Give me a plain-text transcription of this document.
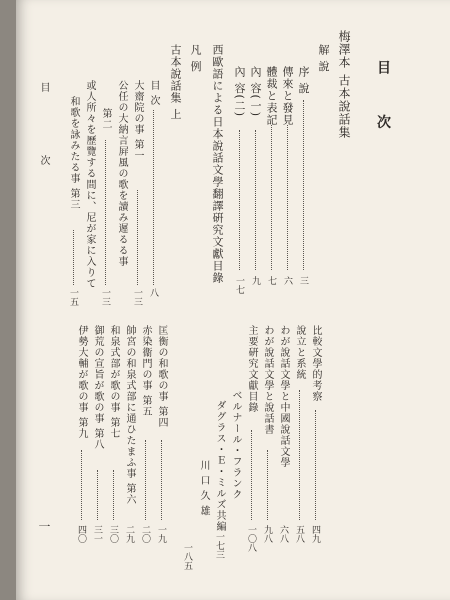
目 次
梅澤本 古本說話集
解 說
序 說
三
傳來と發見
六
體裁と表記
七
內 容(一)
九
內 容(二)
一七
西歐語による日本說話文學翻譯硏究文獻目錄
凡 例
古本說話集 上
目 次
八
大齋院の事 第一
一三
公任の大納言屛風の歌を讀み遲るる事
第二
一三
或人所々を歷覽する間に、尼が家に入りて
和歌を詠みたる事 第三
一五
比較文學的考察
四九
說立と系統
五八
わが說話文學と中國說話文學
六八
わが說話文學と說話書
九八
主要硏究文獻目錄
一〇八
ベルナール・フランク
ダグラス・Ｅ・ミルズ共編
一七三
川 口 久 雄
一八五
匡衡の和歌の事 第四
一九
赤染衞門の事 第五
二〇
帥宮の和泉式部に通ひたまふ事 第六
二九
和泉式部が歌の事 第七
三〇
御荒の宣旨が歌の事 第八
三一
伊勢大輔が歌の事 第九
四〇
目 次
一
